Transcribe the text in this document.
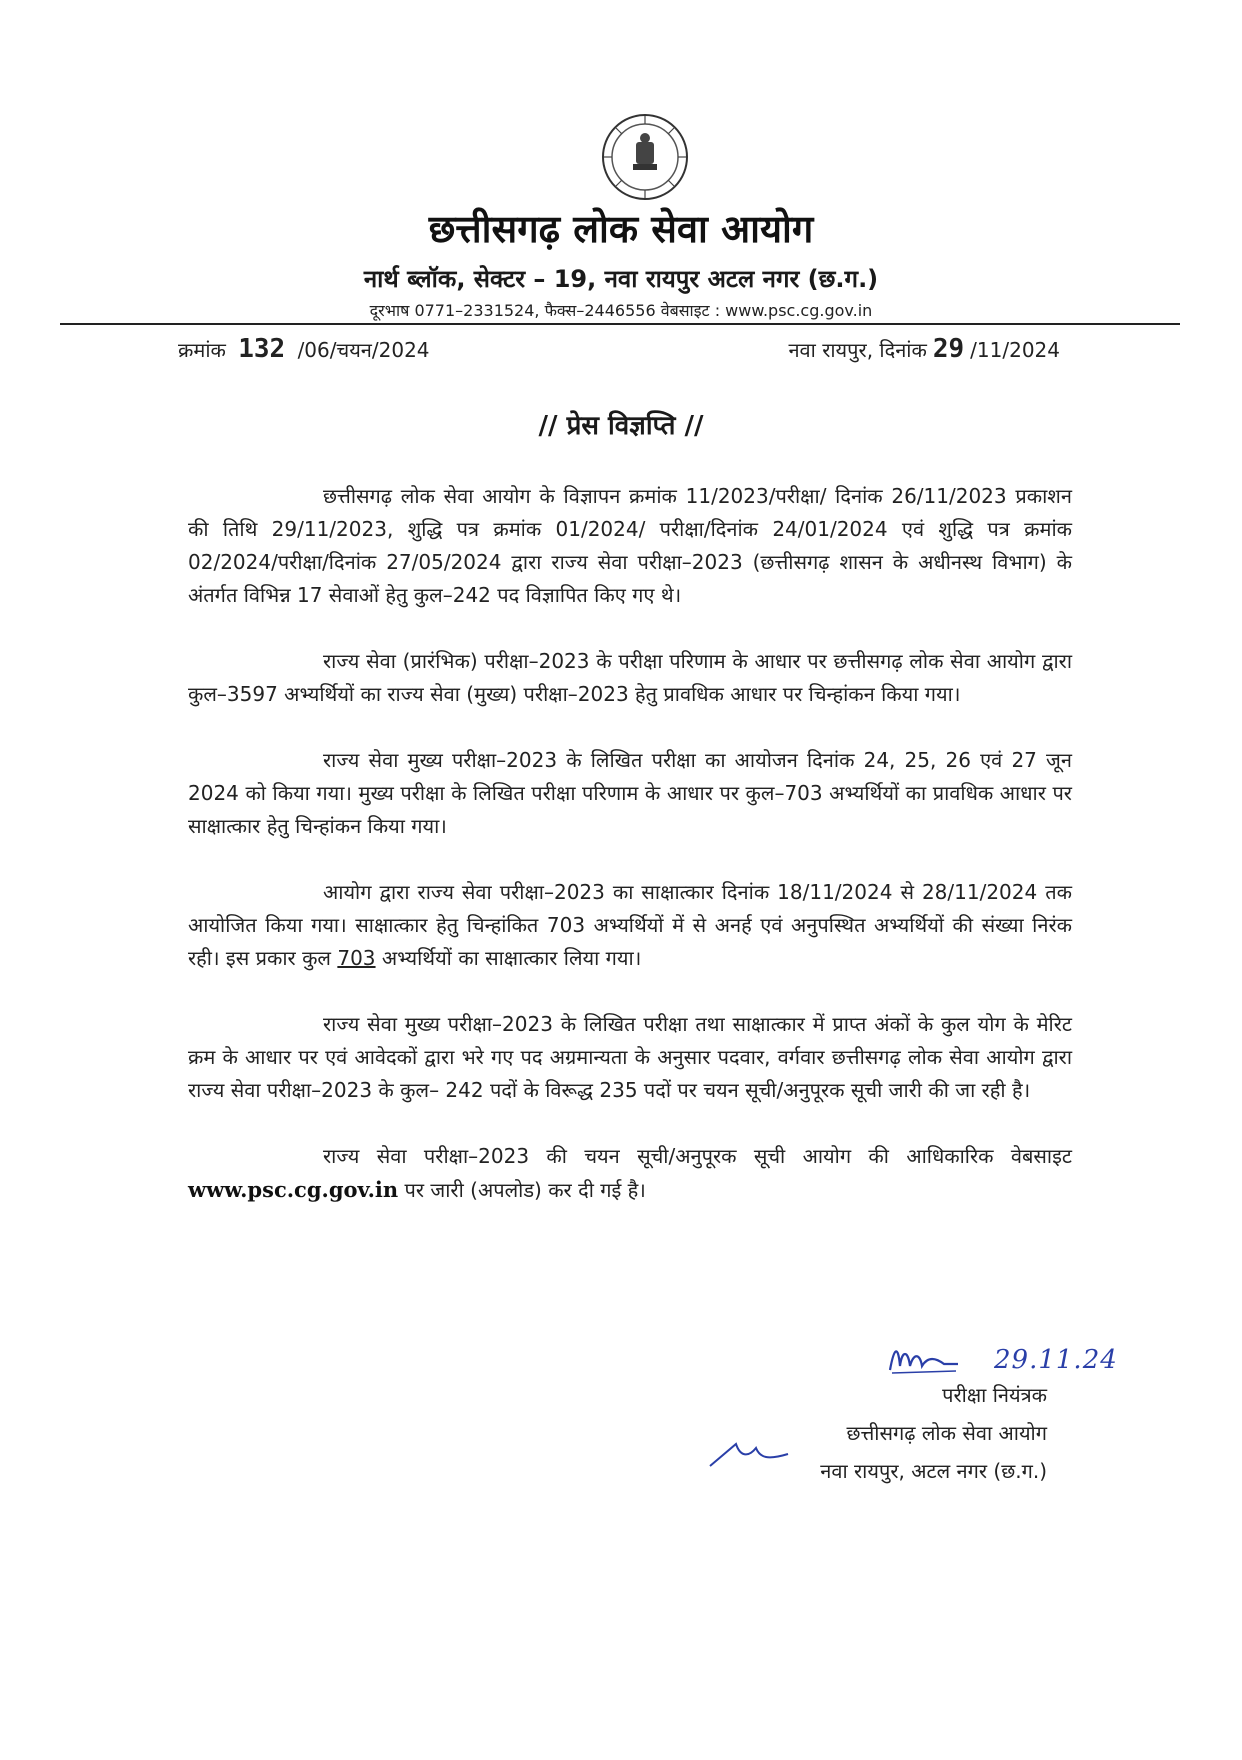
छत्तीसगढ़ लोक सेवा आयोग
नार्थ ब्लॉक, सेक्टर – 19, नवा रायपुर अटल नगर (छ.ग.)
दूरभाष 0771–2331524, फैक्स–2446556 वेबसाइट : www.psc.cg.gov.in
क्रमांक 132 /06/चयन/2024	नवा रायपुर, दिनांक 29 /11/2024
// प्रेस विज्ञप्ति //

छत्तीसगढ़ लोक सेवा आयोग के विज्ञापन क्रमांक 11/2023/परीक्षा/ दिनांक 26/11/2023 प्रकाशन की तिथि 29/11/2023, शुद्धि पत्र क्रमांक 01/2024/ परीक्षा/दिनांक 24/01/2024 एवं शुद्धि पत्र क्रमांक 02/2024/परीक्षा/दिनांक 27/05/2024 द्वारा राज्य सेवा परीक्षा–2023 (छत्तीसगढ़ शासन के अधीनस्थ विभाग) के अंतर्गत विभिन्न 17 सेवाओं हेतु कुल–242 पद विज्ञापित किए गए थे।

राज्य सेवा (प्रारंभिक) परीक्षा–2023 के परीक्षा परिणाम के आधार पर छत्तीसगढ़ लोक सेवा आयोग द्वारा कुल–3597 अभ्यर्थियों का राज्य सेवा (मुख्य) परीक्षा–2023 हेतु प्रावधिक आधार पर चिन्हांकन किया गया।

राज्य सेवा मुख्य परीक्षा–2023 के लिखित परीक्षा का आयोजन दिनांक 24, 25, 26 एवं 27 जून 2024 को किया गया। मुख्य परीक्षा के लिखित परीक्षा परिणाम के आधार पर कुल–703 अभ्यर्थियों का प्रावधिक आधार पर साक्षात्कार हेतु चिन्हांकन किया गया।

आयोग द्वारा राज्य सेवा परीक्षा–2023 का साक्षात्कार दिनांक 18/11/2024 से 28/11/2024 तक आयोजित किया गया। साक्षात्कार हेतु चिन्हांकित 703 अभ्यर्थियों में से अनर्ह एवं अनुपस्थित अभ्यर्थियों की संख्या निरंक रही। इस प्रकार कुल 703 अभ्यर्थियों का साक्षात्कार लिया गया।

राज्य सेवा मुख्य परीक्षा–2023 के लिखित परीक्षा तथा साक्षात्कार में प्राप्त अंकों के कुल योग के मेरिट क्रम के आधार पर एवं आवेदकों द्वारा भरे गए पद अग्रमान्यता के अनुसार पदवार, वर्गवार छत्तीसगढ़ लोक सेवा आयोग द्वारा राज्य सेवा परीक्षा–2023 के कुल– 242 पदों के विरूद्ध 235 पदों पर चयन सूची/अनुपूरक सूची जारी की जा रही है।

राज्य सेवा परीक्षा–2023 की चयन सूची/अनुपूरक सूची आयोग की आधिकारिक वेबसाइट www.psc.cg.gov.in पर जारी (अपलोड) कर दी गई है।

29.11.24
परीक्षा नियंत्रक
छत्तीसगढ़ लोक सेवा आयोग
नवा रायपुर, अटल नगर (छ.ग.)
